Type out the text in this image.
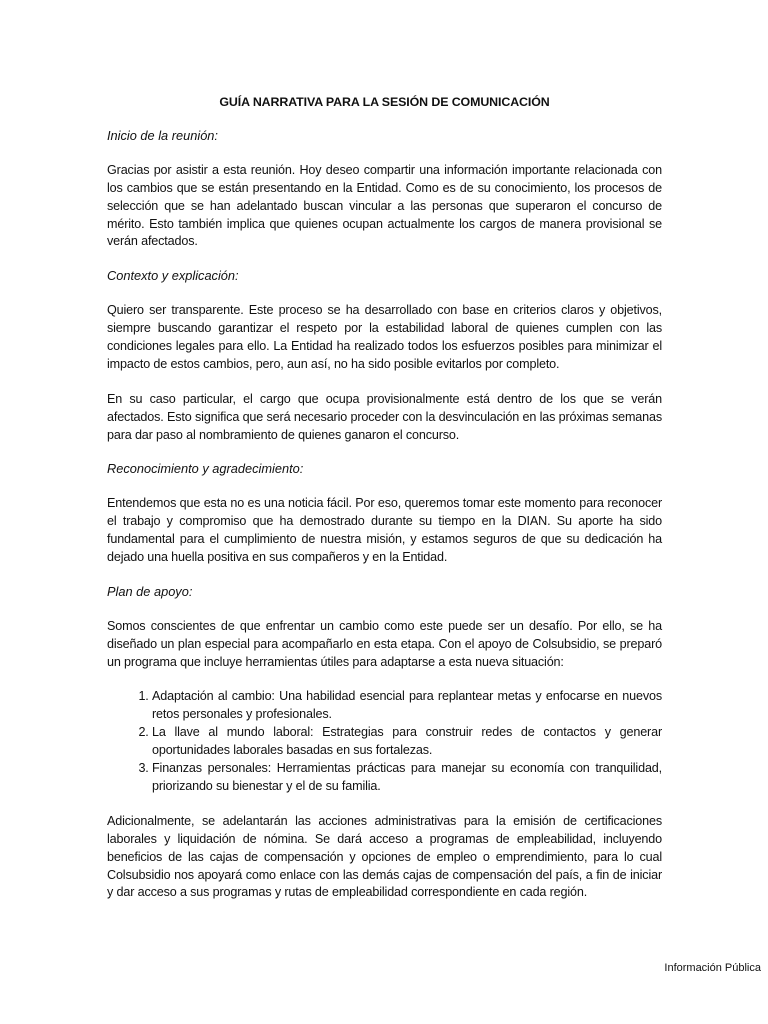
GUÍA NARRATIVA PARA LA SESIÓN DE COMUNICACIÓN

Inicio de la reunión:

Gracias por asistir a esta reunión. Hoy deseo compartir una información importante relacionada con los cambios que se están presentando en la Entidad. Como es de su conocimiento, los procesos de selección que se han adelantado buscan vincular a las personas que superaron el concurso de mérito. Esto también implica que quienes ocupan actualmente los cargos de manera provisional se verán afectados.

Contexto y explicación:

Quiero ser transparente. Este proceso se ha desarrollado con base en criterios claros y objetivos, siempre buscando garantizar el respeto por la estabilidad laboral de quienes cumplen con las condiciones legales para ello. La Entidad ha realizado todos los esfuerzos posibles para minimizar el impacto de estos cambios, pero, aun así, no ha sido posible evitarlos por completo.

En su caso particular, el cargo que ocupa provisionalmente está dentro de los que se verán afectados. Esto significa que será necesario proceder con la desvinculación en las próximas semanas para dar paso al nombramiento de quienes ganaron el concurso.

Reconocimiento y agradecimiento:

Entendemos que esta no es una noticia fácil. Por eso, queremos tomar este momento para reconocer el trabajo y compromiso que ha demostrado durante su tiempo en la DIAN. Su aporte ha sido fundamental para el cumplimiento de nuestra misión, y estamos seguros de que su dedicación ha dejado una huella positiva en sus compañeros y en la Entidad.

Plan de apoyo:

Somos conscientes de que enfrentar un cambio como este puede ser un desafío. Por ello, se ha diseñado un plan especial para acompañarlo en esta etapa. Con el apoyo de Colsubsidio, se preparó un programa que incluye herramientas útiles para adaptarse a esta nueva situación:

1. Adaptación al cambio: Una habilidad esencial para replantear metas y enfocarse en nuevos retos personales y profesionales.
2. La llave al mundo laboral: Estrategias para construir redes de contactos y generar oportunidades laborales basadas en sus fortalezas.
3. Finanzas personales: Herramientas prácticas para manejar su economía con tranquilidad, priorizando su bienestar y el de su familia.

Adicionalmente, se adelantarán las acciones administrativas para la emisión de certificaciones laborales y liquidación de nómina. Se dará acceso a programas de empleabilidad, incluyendo beneficios de las cajas de compensación y opciones de empleo o emprendimiento, para lo cual Colsubsidio nos apoyará como enlace con las demás cajas de compensación del país, a fin de iniciar y dar acceso a sus programas y rutas de empleabilidad correspondiente en cada región.

Información Pública
